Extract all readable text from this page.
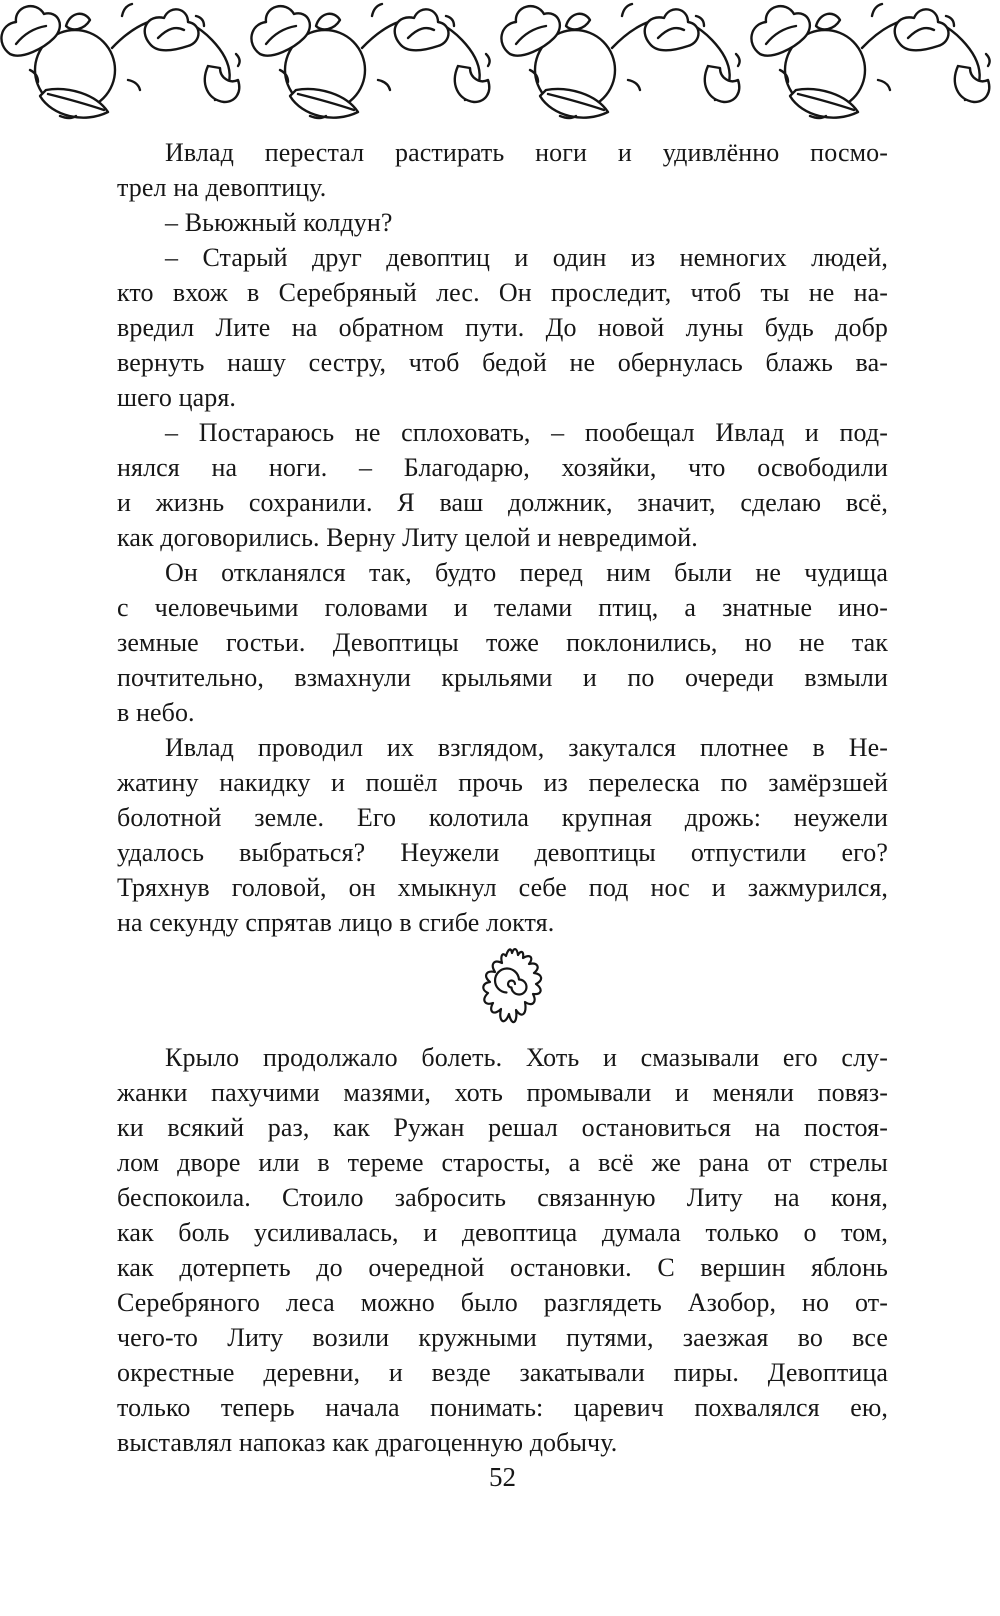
Ивлад перестал растирать ноги и удивлённо посмо-
трел на девоптицу.
– Вьюжный колдун?
– Старый друг девоптиц и один из немногих людей,
кто вхож в Серебряный лес. Он проследит, чтоб ты не на-
вредил Лите на обратном пути. До новой луны будь добр
вернуть нашу сестру, чтоб бедой не обернулась блажь ва-
шего царя.
– Постараюсь не сплоховать, – пообещал Ивлад и под-
нялся на ноги. – Благодарю, хозяйки, что освободили
и жизнь сохранили. Я ваш должник, значит, сделаю всё,
как договорились. Верну Литу целой и невредимой.
Он откланялся так, будто перед ним были не чудища
с человечьими головами и телами птиц, а знатные ино-
земные гостьи. Девоптицы тоже поклонились, но не так
почтительно, взмахнули крыльями и по очереди взмыли
в небо.
Ивлад проводил их взглядом, закутался плотнее в Не-
жатину накидку и пошёл прочь из перелеска по замёрзшей
болотной земле. Его колотила крупная дрожь: неужели
удалось выбраться? Неужели девоптицы отпустили его?
Тряхнув головой, он хмыкнул себе под нос и зажмурился,
на секунду спрятав лицо в сгибе локтя.
Крыло продолжало болеть. Хоть и смазывали его слу-
жанки пахучими мазями, хоть промывали и меняли повяз-
ки всякий раз, как Ружан решал остановиться на постоя-
лом дворе или в тереме старосты, а всё же рана от стрелы
беспокоила. Стоило забросить связанную Литу на коня,
как боль усиливалась, и девоптица думала только о том,
как дотерпеть до очередной остановки. С вершин яблонь
Серебряного леса можно было разглядеть Азобор, но от-
чего-то Литу возили кружными путями, заезжая во все
окрестные деревни, и везде закатывали пиры. Девоптица
только теперь начала понимать: царевич похвалялся ею,
выставлял напоказ как драгоценную добычу.
52
